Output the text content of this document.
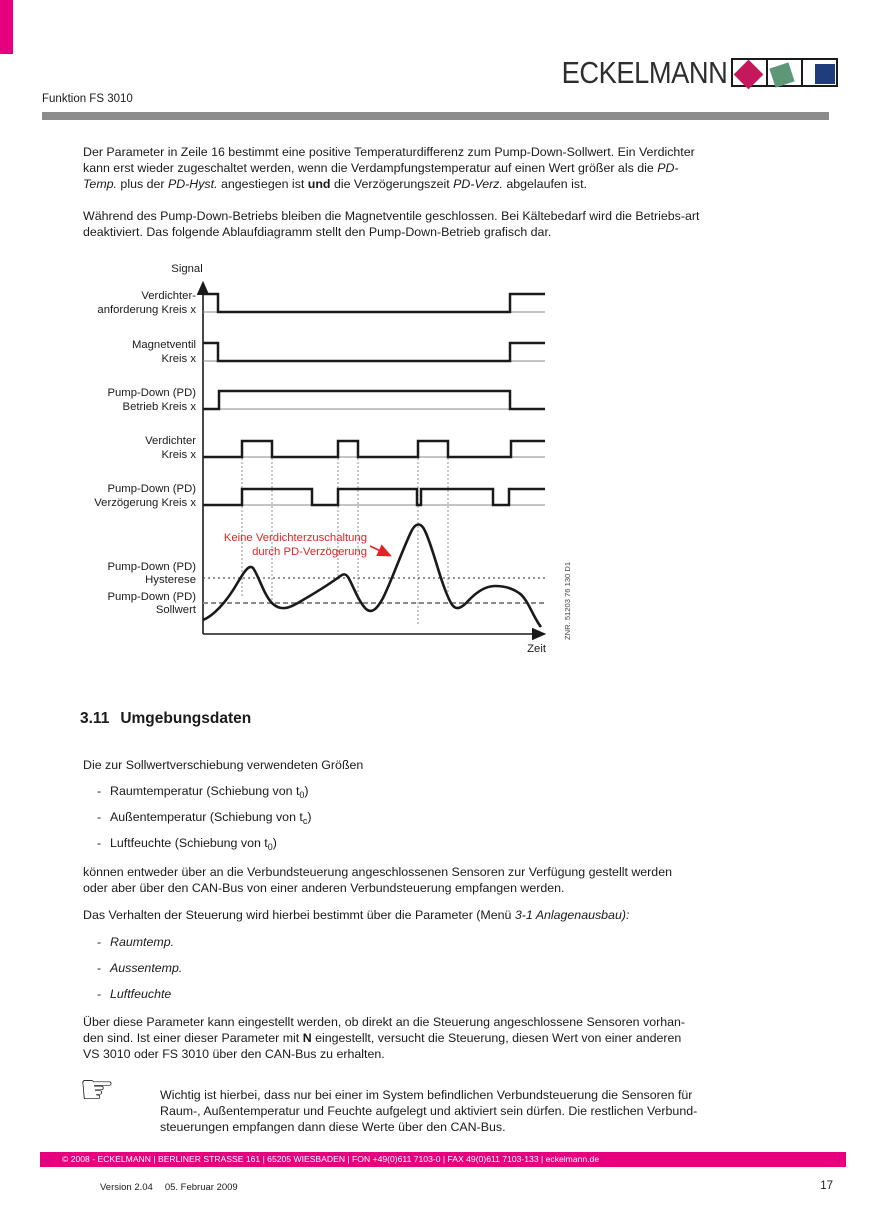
Funktion FS 3010
ECKELMANN
Der Parameter in Zeile 16 bestimmt eine positive Temperaturdifferenz zum Pump-Down-Sollwert. Ein Verdichter
kann erst wieder zugeschaltet werden, wenn die Verdampfungstemperatur auf einen Wert größer als die PD-
Temp. plus der PD-Hyst. angestiegen ist und die Verzögerungszeit PD-Verz. abgelaufen ist.
Während des Pump-Down-Betriebs bleiben die Magnetventile geschlossen. Bei Kältebedarf wird die Betriebs-art
deaktiviert. Das folgende Ablaufdiagramm stellt den Pump-Down-Betrieb grafisch dar.
Signal
Zeit
Verdichter-
anforderung Kreis x
Magnetventil
Kreis x
Pump-Down (PD)
Betrieb Kreis x
Verdichter
Kreis x
Pump-Down (PD)
Verzögerung Kreis x
Pump-Down (PD)
Hysterese
Pump-Down (PD)
Sollwert
Keine Verdichterzuschaltung
durch PD-Verzögerung
ZNR. 51203 76 130 D1
3.11 Umgebungsdaten
Die zur Sollwertverschiebung verwendeten Größen
- Raumtemperatur (Schiebung von $t_0$)
- Außentemperatur (Schiebung von $t_c$)
- Luftfeuchte (Schiebung von $t_0$)
können entweder über an die Verbundsteuerung angeschlossenen Sensoren zur Verfügung gestellt werden
oder aber über den CAN-Bus von einer anderen Verbundsteuerung empfangen werden.
Das Verhalten der Steuerung wird hierbei bestimmt über die Parameter (Menü 3-1 Anlagenausbau):
- Raumtemp.
- Aussentemp.
- Luftfeuchte
Über diese Parameter kann eingestellt werden, ob direkt an die Steuerung angeschlossene Sensoren vorhan-
den sind. Ist einer dieser Parameter mit N eingestellt, versucht die Steuerung, diesen Wert von einer anderen
VS 3010 oder FS 3010 über den CAN-Bus zu erhalten.
☞	Wichtig ist hierbei, dass nur bei einer im System befindlichen Verbundsteuerung die Sensoren für
Raum-, Außentemperatur und Feuchte aufgelegt und aktiviert sein dürfen. Die restlichen Verbund-
steuerungen empfangen dann diese Werte über den CAN-Bus.
© 2008 - ECKELMANN | BERLINER STRASSE 161 | 65205 WIESBADEN | FON +49(0)611 7103-0 | FAX 49(0)611 7103-133 | eckelmann.de
Version 2.04 05. Februar 2009	17
